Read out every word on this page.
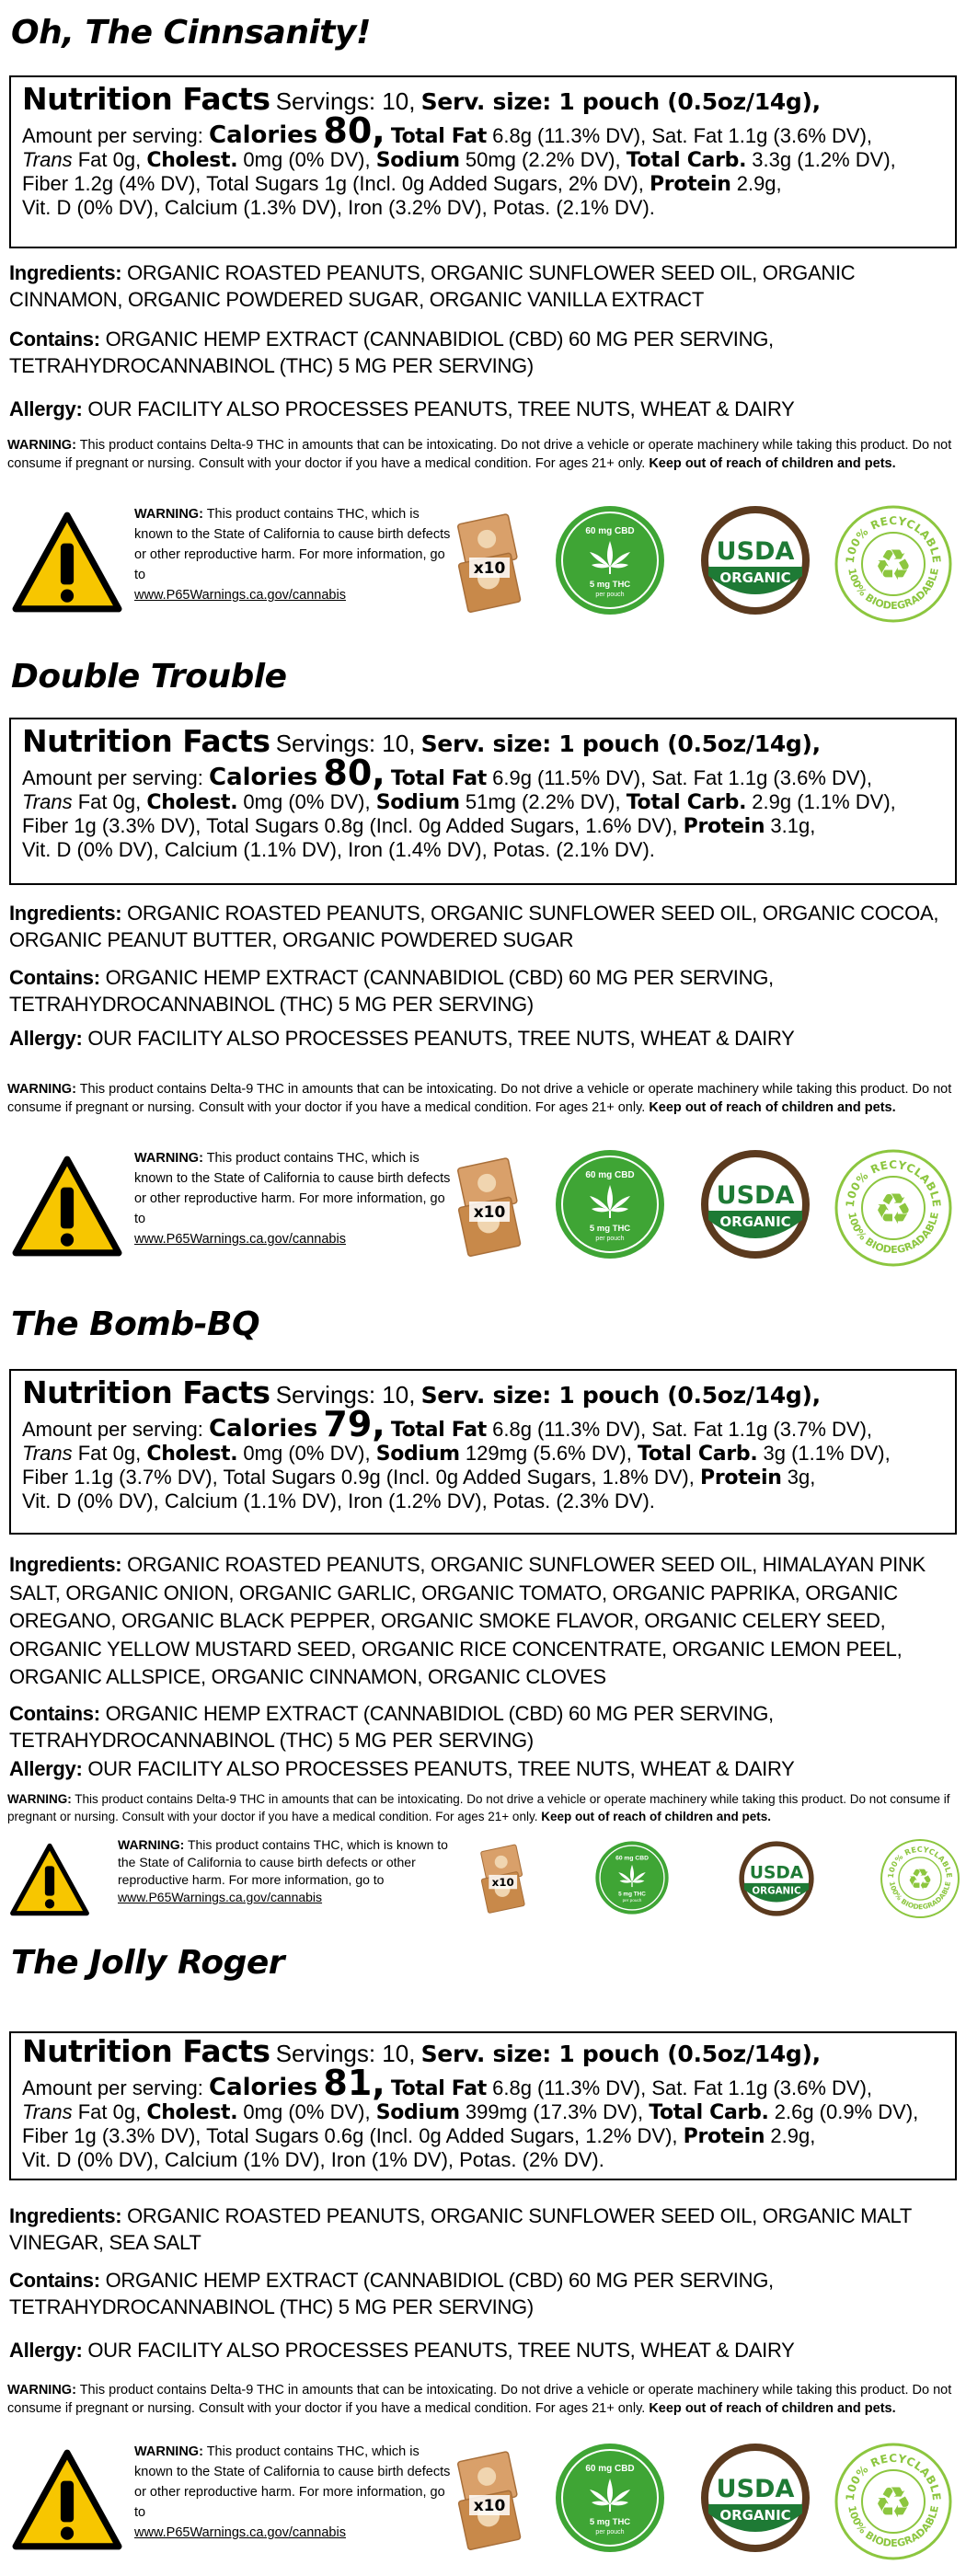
Oh, The Cinnsanity!
Nutrition Facts Servings: 10, Serv. size: 1 pouch (0.5oz/14g),
Amount per serving: Calories 80, Total Fat 6.8g (11.3% DV), Sat. Fat 1.1g (3.6% DV),
Trans Fat 0g, Cholest. 0mg (0% DV), Sodium 50mg (2.2% DV), Total Carb. 3.3g (1.2% DV),
Fiber 1.2g (4% DV), Total Sugars 1g (Incl. 0g Added Sugars, 2% DV), Protein 2.9g,
Vit. D (0% DV), Calcium (1.3% DV), Iron (3.2% DV), Potas. (2.1% DV).
Ingredients: ORGANIC ROASTED PEANUTS, ORGANIC SUNFLOWER SEED OIL, ORGANIC CINNAMON, ORGANIC POWDERED SUGAR, ORGANIC VANILLA EXTRACT
Contains: ORGANIC HEMP EXTRACT (CANNABIDIOL (CBD) 60 MG PER SERVING, TETRAHYDROCANNABINOL (THC) 5 MG PER SERVING)
Allergy: OUR FACILITY ALSO PROCESSES PEANUTS, TREE NUTS, WHEAT & DAIRY
WARNING: This product contains Delta-9 THC in amounts that can be intoxicating. Do not drive a vehicle or operate machinery while taking this product. Do not consume if pregnant or nursing. Consult with your doctor if you have a medical condition. For ages 21+ only. Keep out of reach of children and pets.
WARNING: This product contains THC, which is known to the State of California to cause birth defects or other reproductive harm. For more information, go to
www.P65Warnings.ca.gov/cannabis
x10
60 mg CBD
5 mg THC
per pouch
USDA
ORGANIC
100% RECYCLABLE
100% BIODEGRADABLE
♻
Double Trouble
Nutrition Facts Servings: 10, Serv. size: 1 pouch (0.5oz/14g),
Amount per serving: Calories 80, Total Fat 6.9g (11.5% DV), Sat. Fat 1.1g (3.6% DV),
Trans Fat 0g, Cholest. 0mg (0% DV), Sodium 51mg (2.2% DV), Total Carb. 2.9g (1.1% DV),
Fiber 1g (3.3% DV), Total Sugars 0.8g (Incl. 0g Added Sugars, 1.6% DV), Protein 3.1g,
Vit. D (0% DV), Calcium (1.1% DV), Iron (1.4% DV), Potas. (2.1% DV).
Ingredients: ORGANIC ROASTED PEANUTS, ORGANIC SUNFLOWER SEED OIL, ORGANIC COCOA, ORGANIC PEANUT BUTTER, ORGANIC POWDERED SUGAR
Contains: ORGANIC HEMP EXTRACT (CANNABIDIOL (CBD) 60 MG PER SERVING, TETRAHYDROCANNABINOL (THC) 5 MG PER SERVING)
Allergy: OUR FACILITY ALSO PROCESSES PEANUTS, TREE NUTS, WHEAT & DAIRY
WARNING: This product contains Delta-9 THC in amounts that can be intoxicating. Do not drive a vehicle or operate machinery while taking this product. Do not consume if pregnant or nursing. Consult with your doctor if you have a medical condition. For ages 21+ only. Keep out of reach of children and pets.
WARNING: This product contains THC, which is known to the State of California to cause birth defects or other reproductive harm. For more information, go to
www.P65Warnings.ca.gov/cannabis
x10
60 mg CBD
5 mg THC
per pouch
USDA
ORGANIC
100% RECYCLABLE
100% BIODEGRADABLE
♻
The Bomb-BQ
Nutrition Facts Servings: 10, Serv. size: 1 pouch (0.5oz/14g),
Amount per serving: Calories 79, Total Fat 6.8g (11.3% DV), Sat. Fat 1.1g (3.7% DV),
Trans Fat 0g, Cholest. 0mg (0% DV), Sodium 129mg (5.6% DV), Total Carb. 3g (1.1% DV),
Fiber 1.1g (3.7% DV), Total Sugars 0.9g (Incl. 0g Added Sugars, 1.8% DV), Protein 3g,
Vit. D (0% DV), Calcium (1.1% DV), Iron (1.2% DV), Potas. (2.3% DV).
Ingredients: ORGANIC ROASTED PEANUTS, ORGANIC SUNFLOWER SEED OIL, HIMALAYAN PINK SALT, ORGANIC ONION, ORGANIC GARLIC, ORGANIC TOMATO, ORGANIC PAPRIKA, ORGANIC OREGANO, ORGANIC BLACK PEPPER, ORGANIC SMOKE FLAVOR, ORGANIC CELERY SEED, ORGANIC YELLOW MUSTARD SEED, ORGANIC RICE CONCENTRATE, ORGANIC LEMON PEEL, ORGANIC ALLSPICE, ORGANIC CINNAMON, ORGANIC CLOVES
Contains: ORGANIC HEMP EXTRACT (CANNABIDIOL (CBD) 60 MG PER SERVING, TETRAHYDROCANNABINOL (THC) 5 MG PER SERVING)
Allergy: OUR FACILITY ALSO PROCESSES PEANUTS, TREE NUTS, WHEAT & DAIRY
WARNING: This product contains Delta-9 THC in amounts that can be intoxicating. Do not drive a vehicle or operate machinery while taking this product. Do not consume if pregnant or nursing. Consult with your doctor if you have a medical condition. For ages 21+ only. Keep out of reach of children and pets.
WARNING: This product contains THC, which is known to the State of California to cause birth defects or other reproductive harm. For more information, go to www.P65Warnings.ca.gov/cannabis
x10
60 mg CBD
5 mg THC
per pouch
USDA
ORGANIC
100% RECYCLABLE
100% BIODEGRADABLE
♻
The Jolly Roger
Nutrition Facts Servings: 10, Serv. size: 1 pouch (0.5oz/14g),
Amount per serving: Calories 81, Total Fat 6.8g (11.3% DV), Sat. Fat 1.1g (3.6% DV),
Trans Fat 0g, Cholest. 0mg (0% DV), Sodium 399mg (17.3% DV), Total Carb. 2.6g (0.9% DV),
Fiber 1g (3.3% DV), Total Sugars 0.6g (Incl. 0g Added Sugars, 1.2% DV), Protein 2.9g,
Vit. D (0% DV), Calcium (1% DV), Iron (1% DV), Potas. (2% DV).
Ingredients: ORGANIC ROASTED PEANUTS, ORGANIC SUNFLOWER SEED OIL, ORGANIC MALT VINEGAR, SEA SALT
Contains: ORGANIC HEMP EXTRACT (CANNABIDIOL (CBD) 60 MG PER SERVING, TETRAHYDROCANNABINOL (THC) 5 MG PER SERVING)
Allergy: OUR FACILITY ALSO PROCESSES PEANUTS, TREE NUTS, WHEAT & DAIRY
WARNING: This product contains Delta-9 THC in amounts that can be intoxicating. Do not drive a vehicle or operate machinery while taking this product. Do not consume if pregnant or nursing. Consult with your doctor if you have a medical condition. For ages 21+ only. Keep out of reach of children and pets.
WARNING: This product contains THC, which is known to the State of California to cause birth defects or other reproductive harm. For more information, go to
www.P65Warnings.ca.gov/cannabis
x10
60 mg CBD
5 mg THC
per pouch
USDA
ORGANIC
100% RECYCLABLE
100% BIODEGRADABLE
♻
